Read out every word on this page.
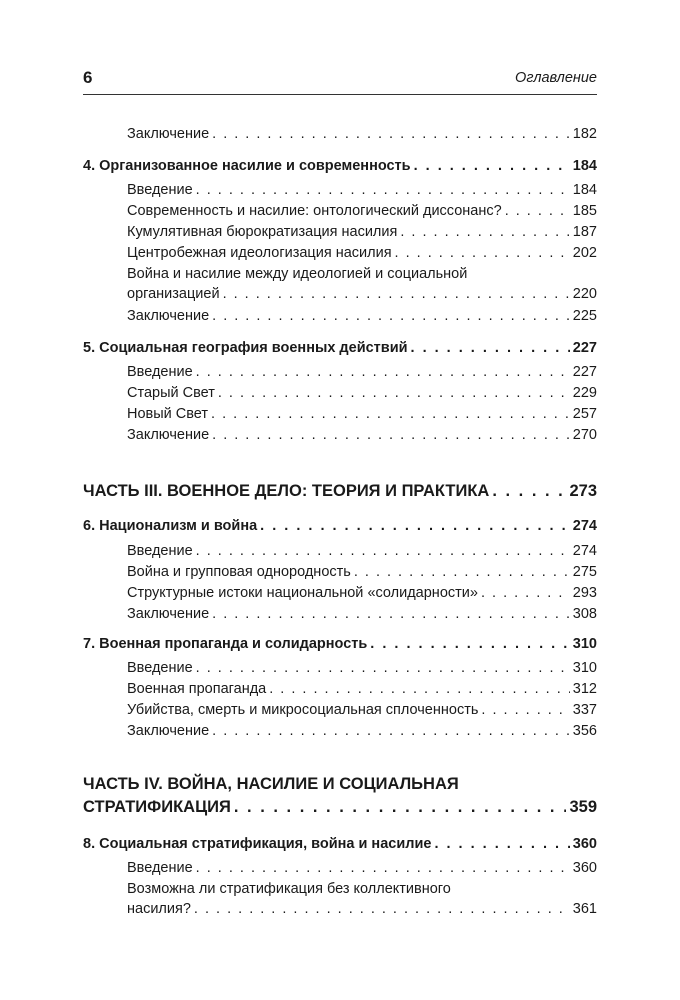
6	Оглавление
Заключение . . .	182
4. Организованное насилие и современность . . .	184
Введение . . .	184
Современность и насилие: онтологический диссонанс? . . .	185
Кумулятивная бюрократизация насилия . . .	187
Центробежная идеологизация насилия . . .	202
Война и насилие между идеологией и социальной
организацией . . .	220
Заключение . . .	225
5. Социальная география военных действий . . .	227
Введение . . .	227
Старый Свет . . .	229
Новый Свет . . .	257
Заключение . . .	270
ЧАСТЬ III. ВОЕННОЕ ДЕЛО: ТЕОРИЯ И ПРАКТИКА . . .	273
6. Национализм и война . . .	274
Введение . . .	274
Война и групповая однородность . . .	275
Структурные истоки национальной «солидарности» . . .	293
Заключение . . .	308
7. Военная пропаганда и солидарность . . .	310
Введение . . .	310
Военная пропаганда . . .	312
Убийства, смерть и микросоциальная сплоченность . . .	337
Заключение . . .	356
ЧАСТЬ IV. ВОЙНА, НАСИЛИЕ И СОЦИАЛЬНАЯ
СТРАТИФИКАЦИЯ . . .	359
8. Социальная стратификация, война и насилие . . .	360
Введение . . .	360
Возможна ли стратификация без коллективного
насилия? . . .	361
